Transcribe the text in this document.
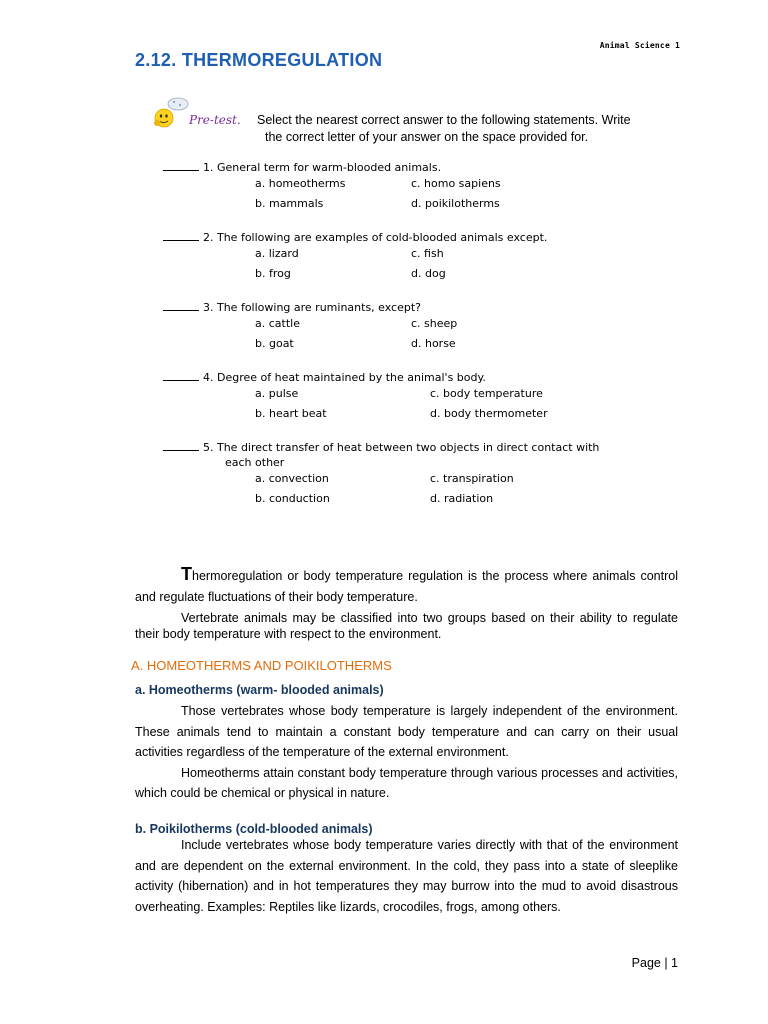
Animal Science 1
2.12. THERMOREGULATION
Pre-test. Select the nearest correct answer to the following statements. Write
the correct letter of your answer on the space provided for.
1. General term for warm-blooded animals.
a. homeotherms	c. homo sapiens
b. mammals	d. poikilotherms
2. The following are examples of cold-blooded animals except.
a. lizard	c. fish
b. frog	d. dog
3. The following are ruminants, except?
a. cattle	c. sheep
b. goat	d. horse
4. Degree of heat maintained by the animal's body.
a. pulse	c. body temperature
b. heart beat	d. body thermometer
5. The direct transfer of heat between two objects in direct contact with
each other
a. convection	c. transpiration
b. conduction	d. radiation

Thermoregulation or body temperature regulation is the process where animals control and regulate fluctuations of their body temperature.

Vertebrate animals may be classified into two groups based on their ability to regulate their body temperature with respect to the environment.

A. HOMEOTHERMS AND POIKILOTHERMS
a. Homeotherms (warm- blooded animals)

Those vertebrates whose body temperature is largely independent of the environment. These animals tend to maintain a constant body temperature and can carry on their usual activities regardless of the temperature of the external environment.

Homeotherms attain constant body temperature through various processes and activities, which could be chemical or physical in nature.

b. Poikilotherms (cold-blooded animals)

Include vertebrates whose body temperature varies directly with that of the environment and are dependent on the external environment. In the cold, they pass into a state of sleeplike activity (hibernation) and in hot temperatures they may burrow into the mud to avoid disastrous overheating. Examples: Reptiles like lizards, crocodiles, frogs, among others.

Page | 1
